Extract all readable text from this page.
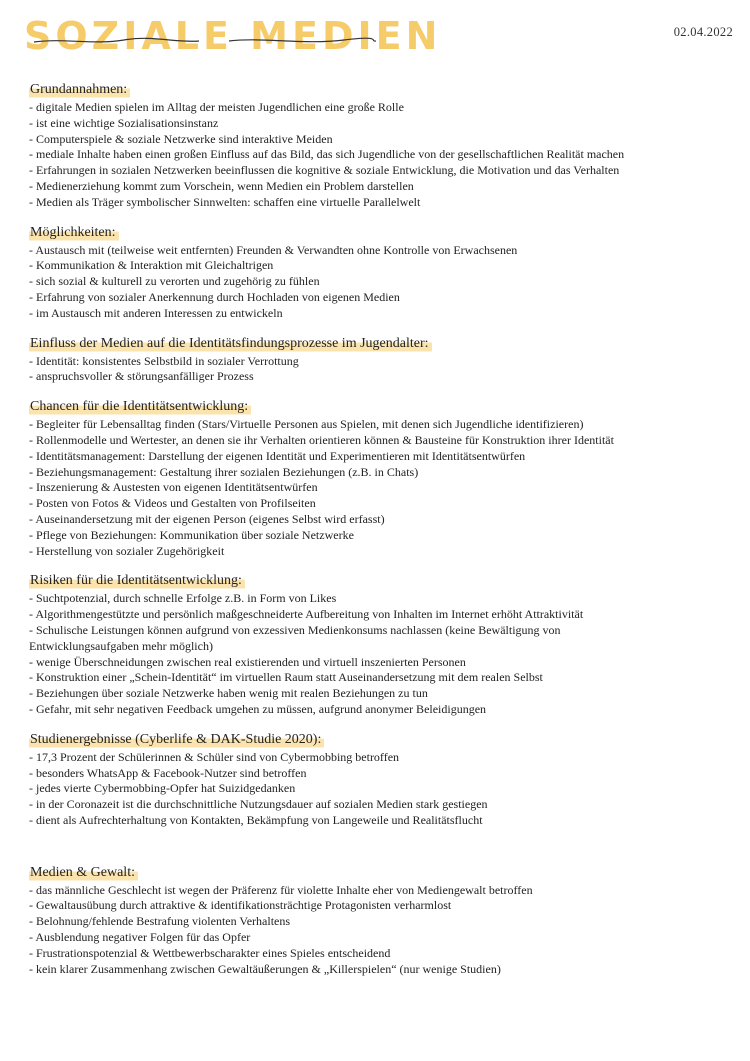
SOZIALE MEDIEN	02.04.2022
Grundannahmen:
- digitale Medien spielen im Alltag der meisten Jugendlichen eine große Rolle
- ist eine wichtige Sozialisationsinstanz
- Computerspiele & soziale Netzwerke sind interaktive Meiden
- mediale Inhalte haben einen großen Einfluss auf das Bild, das sich Jugendliche von der gesellschaftlichen Realität machen
- Erfahrungen in sozialen Netzwerken beeinflussen die kognitive & soziale Entwicklung, die Motivation und das Verhalten
- Medienerziehung kommt zum Vorschein, wenn Medien ein Problem darstellen
- Medien als Träger symbolischer Sinnwelten: schaffen eine virtuelle Parallelwelt
Möglichkeiten:
- Austausch mit (teilweise weit entfernten) Freunden & Verwandten ohne Kontrolle von Erwachsenen
- Kommunikation & Interaktion mit Gleichaltrigen
- sich sozial & kulturell zu verorten und zugehörig zu fühlen
- Erfahrung von sozialer Anerkennung durch Hochladen von eigenen Medien
- im Austausch mit anderen Interessen zu entwickeln
Einfluss der Medien auf die Identitätsfindungsprozesse im Jugendalter:
- Identität: konsistentes Selbstbild in sozialer Verrottung
- anspruchsvoller & störungsanfälliger Prozess
Chancen für die Identitätsentwicklung:
- Begleiter für Lebensalltag finden (Stars/Virtuelle Personen aus Spielen, mit denen sich Jugendliche identifizieren)
- Rollenmodelle und Wertester, an denen sie ihr Verhalten orientieren können & Bausteine für Konstruktion ihrer Identität
- Identitätsmanagement: Darstellung der eigenen Identität und Experimentieren mit Identitätsentwürfen
- Beziehungsmanagement: Gestaltung ihrer sozialen Beziehungen (z.B. in Chats)
- Inszenierung & Austesten von eigenen Identitätsentwürfen
- Posten von Fotos & Videos und Gestalten von Profilseiten
- Auseinandersetzung mit der eigenen Person (eigenes Selbst wird erfasst)
- Pflege von Beziehungen: Kommunikation über soziale Netzwerke
- Herstellung von sozialer Zugehörigkeit
Risiken für die Identitätsentwicklung:
- Suchtpotenzial, durch schnelle Erfolge z.B. in Form von Likes
- Algorithmengestützte und persönlich maßgeschneiderte Aufbereitung von Inhalten im Internet erhöht Attraktivität
- Schulische Leistungen können aufgrund von exzessiven Medienkonsums nachlassen (keine Bewältigung von Entwicklungsaufgaben mehr möglich)
- wenige Überschneidungen zwischen real existierenden und virtuell inszenierten Personen
- Konstruktion einer „Schein-Identität“ im virtuellen Raum statt Auseinandersetzung mit dem realen Selbst
- Beziehungen über soziale Netzwerke haben wenig mit realen Beziehungen zu tun
- Gefahr, mit sehr negativen Feedback umgehen zu müssen, aufgrund anonymer Beleidigungen
Studienergebnisse (Cyberlife & DAK-Studie 2020):
- 17,3 Prozent der Schülerinnen & Schüler sind von Cybermobbing betroffen
- besonders WhatsApp & Facebook-Nutzer sind betroffen
- jedes vierte Cybermobbing-Opfer hat Suizidgedanken
- in der Coronazeit ist die durchschnittliche Nutzungsdauer auf sozialen Medien stark gestiegen
- dient als Aufrechterhaltung von Kontakten, Bekämpfung von Langeweile und Realitätsflucht
Medien & Gewalt:
- das männliche Geschlecht ist wegen der Präferenz für violette Inhalte eher von Mediengewalt betroffen
- Gewaltausübung durch attraktive & identifikationsträchtige Protagonisten verharmlost
- Belohnung/fehlende Bestrafung violenten Verhaltens
- Ausblendung negativer Folgen für das Opfer
- Frustrationspotenzial & Wettbewerbscharakter eines Spieles entscheidend
- kein klarer Zusammenhang zwischen Gewaltäußerungen & „Killerspielen“ (nur wenige Studien)
